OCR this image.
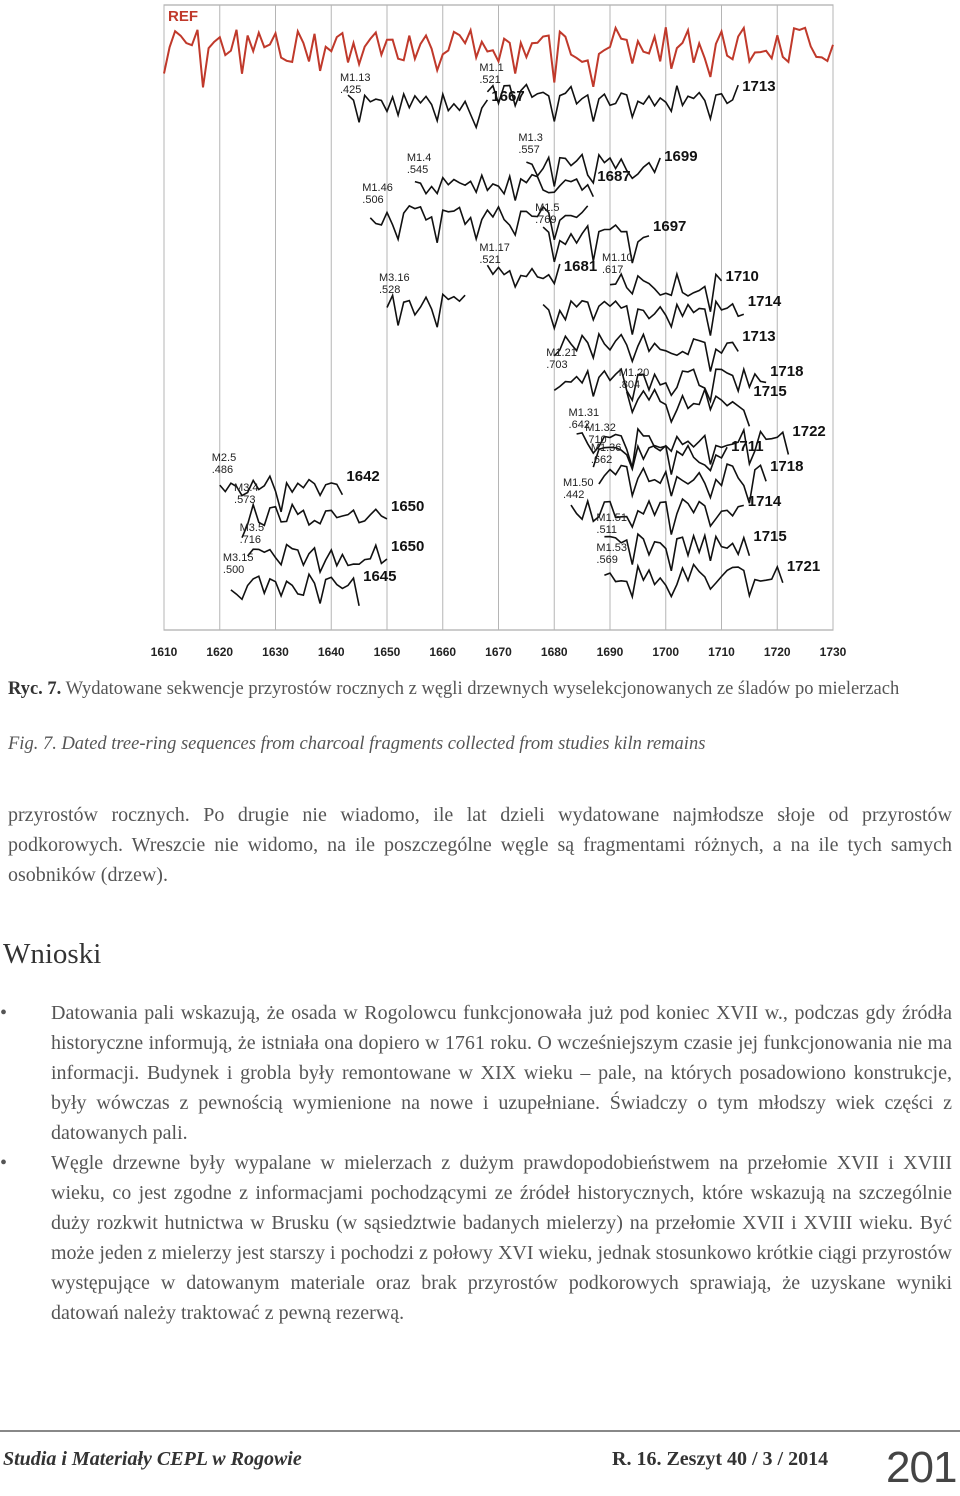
1610 1620 1630 1640 1650 1660 1670 1680 1690 1700 1710 1720 1730
REF
M1.13
.425	1667
M1.1
.521	1713
M1.3
.557	1699
M1.4
.545	1687
M1.46
.506
M1.5
.769	1697
M1.17
.521	1681 M1.10
.617	1710
M3.16
.528
1714
1713
M1.21
.703	1718
M1.20
.804	1715
M1.31
.642	1722
M1.32
.710	1711
M1.36
.662	1718
M1.50
.442	1714
M1.51
.511	1715
M1.53
.569	1721
M2.5
.486	1642
M3.4
.573	1650
M3.5
.716	1650
M3.15
.500	1645
Ryc. 7. Wydatowane sekwencje przyrostów rocznych z węgli drzewnych wyselekcjonowanych ze śladów po mielerzach
Fig. 7. Dated tree-ring sequences from charcoal fragments collected from studies kiln remains
przyrostów rocznych. Po drugie nie wiadomo, ile lat dzieli wydatowane najmłodsze słoje od przyrostów podkorowych. Wreszcie nie widomo, na ile poszczególne węgle są fragmentami różnych, a na ile tych samych osobników (drzew).
Wnioski
•	Datowania pali wskazują, że osada w Rogolowcu funkcjonowała już pod koniec XVII w., podczas gdy źródła historyczne informują, że istniała ona dopiero w 1761 roku. O wcześniejszym czasie jej funkcjonowania nie ma informacji. Budynek i grobla były remontowane w XIX wieku – pale, na których posadowiono konstrukcje, były wówczas z pewnością wymienione na nowe i uzupełniane. Świadczy o tym młodszy wiek części z datowanych pali.
•	Węgle drzewne były wypalane w mielerzach z dużym prawdopodobieństwem na przełomie XVII i XVIII wieku, co jest zgodne z informacjami pochodzącymi ze źródeł historycznych, które wskazują na szczególnie duży rozkwit hutnictwa w Brusku (w sąsiedztwie badanych mielerzy) na przełomie XVII i XVIII wieku. Być może jeden z mielerzy jest starszy i pochodzi z połowy XVI wieku, jednak stosunkowo krótkie ciągi przyrostów występujące w datowanym materiale oraz brak przyrostów podkorowych sprawiają, że uzyskane wyniki datowań należy traktować z pewną rezerwą.
Studia i Materiały CEPL w Rogowie	R. 16. Zeszyt 40 / 3 / 2014 201
